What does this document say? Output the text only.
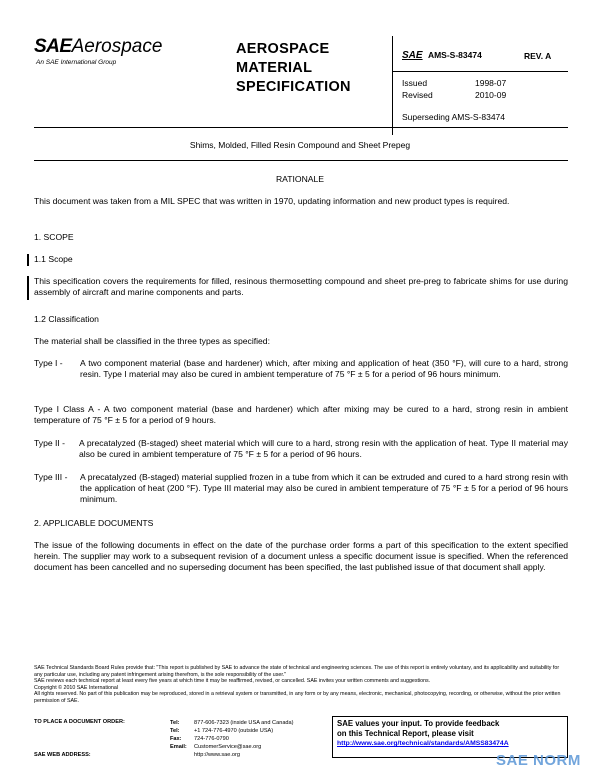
SAEAerospace
An SAE International Group
AEROSPACE
MATERIAL
SPECIFICATION
SAE AMS-S-83474	REV. A
Issued	1998-07
Revised	2010-09
Superseding AMS-S-83474
Shims, Molded, Filled Resin Compound and Sheet Prepeg
RATIONALE
This document was taken from a MIL SPEC that was written in 1970, updating information and new product types is required.
1. SCOPE
1.1 Scope
This specification covers the requirements for filled, resinous thermosetting compound and sheet pre-preg to fabricate shims for use during assembly of aircraft and marine components and parts.
1.2 Classification
The material shall be classified in the three types as specified:
Type I - A two component material (base and hardener) which, after mixing and application of heat (350 °F), will cure to a hard, strong resin. Type I material may also be cured in ambient temperature of 75 °F ± 5 for a period of 96 hours minimum.
Type I Class A - A two component material (base and hardener) which after mixing may be cured to a hard, strong resin in ambient temperature of 75 °F ± 5 for a period of 9 hours.
Type II - A precatalyzed (B-staged) sheet material which will cure to a hard, strong resin with the application of heat. Type II material may also be cured in ambient temperature of 75 °F ± 5 for a period of 96 hours.
Type III - A precatalyzed (B-staged) material supplied frozen in a tube from which it can be extruded and cured to a hard strong resin with the application of heat (200 °F). Type III material may also be cured in ambient temperature of 75 °F ± 5 for a period of 96 hours minimum.
2. APPLICABLE DOCUMENTS
The issue of the following documents in effect on the date of the purchase order forms a part of this specification to the extent specified herein. The supplier may work to a subsequent revision of a document unless a specific document issue is specified. When the referenced document has been cancelled and no superseding document has been specified, the last published issue of that document shall apply.
SAE Technical Standards Board Rules provide that: "This report is published by SAE to advance the state of technical and engineering sciences. The use of this report is entirely voluntary, and its applicability and suitability for any particular use, including any patent infringement arising therefrom, is the sole responsibility of the user."
SAE reviews each technical report at least every five years at which time it may be reaffirmed, revised, or cancelled. SAE invites your written comments and suggestions.
Copyright © 2010 SAE International
All rights reserved. No part of this publication may be reproduced, stored in a retrieval system or transmitted, in any form or by any means, electronic, mechanical, photocopying, recording, or otherwise, without the prior written permission of SAE.
TO PLACE A DOCUMENT ORDER:	Tel:	877-606-7323 (inside USA and Canada)
Tel:	+1 724-776-4970 (outside USA)
Fax: 724-776-0790
Email: CustomerService@sae.org
SAE WEB ADDRESS:	http://www.sae.org
SAE values your input. To provide feedback
on this Technical Report, please visit
http://www.sae.org/technical/standards/AMSS83474A
SAE NORM
